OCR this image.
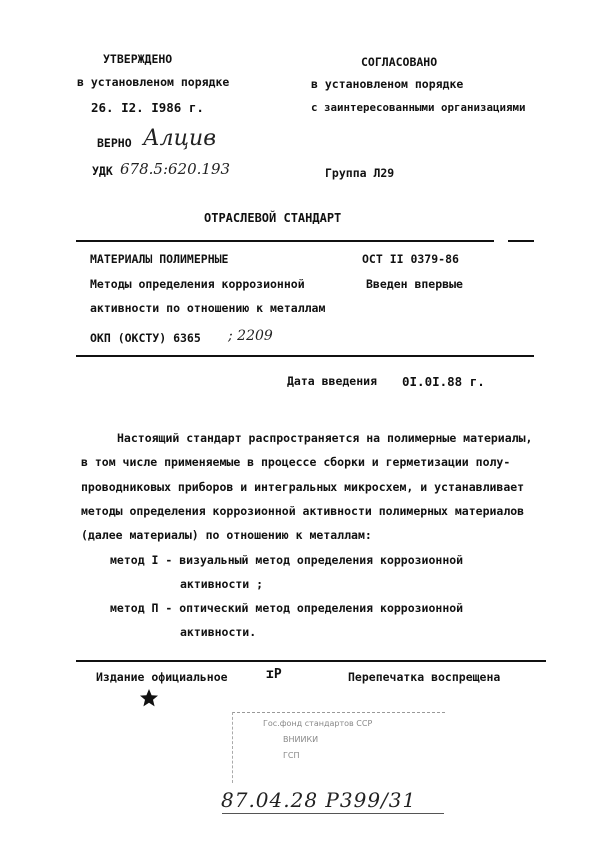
УТВЕРЖДЕНО
в установленом порядке
26. I2. I986 г.
СОГЛАСОВАНО
в установленом порядке
с заинтересованными организациями
ВЕРНО Алцив
УДК 678.5:620.193	Группа Л29
ОТРАСЛЕВОЙ СТАНДАРТ
МАТЕРИАЛЫ ПОЛИМЕРНЫЕ
Методы определения коррозионной
активности по отношению к металлам
ОКП (ОКСТУ) 6365 ; 2209
ОСТ II 0379-86
Введен впервые
Дата введения 0I.0I.88 г.
Настоящий стандарт распространяется на полимерные материалы,
в том числе применяемые в процессе сборки и герметизации полу-
проводниковых приборов и интегральных микросхем, и устанавливает
методы определения коррозионной активности полимерных материалов
(далее материалы) по отношению к металлам:
метод I - визуальный метод определения коррозионной
активности ;
метод П - оптический метод определения коррозионной
активности.
Издание официальное	ɪР	Перепечатка воспрещена
Гос.фонд стандартов ССР
ВНИИКИ
ГСП
87.04.28 Р399/31
